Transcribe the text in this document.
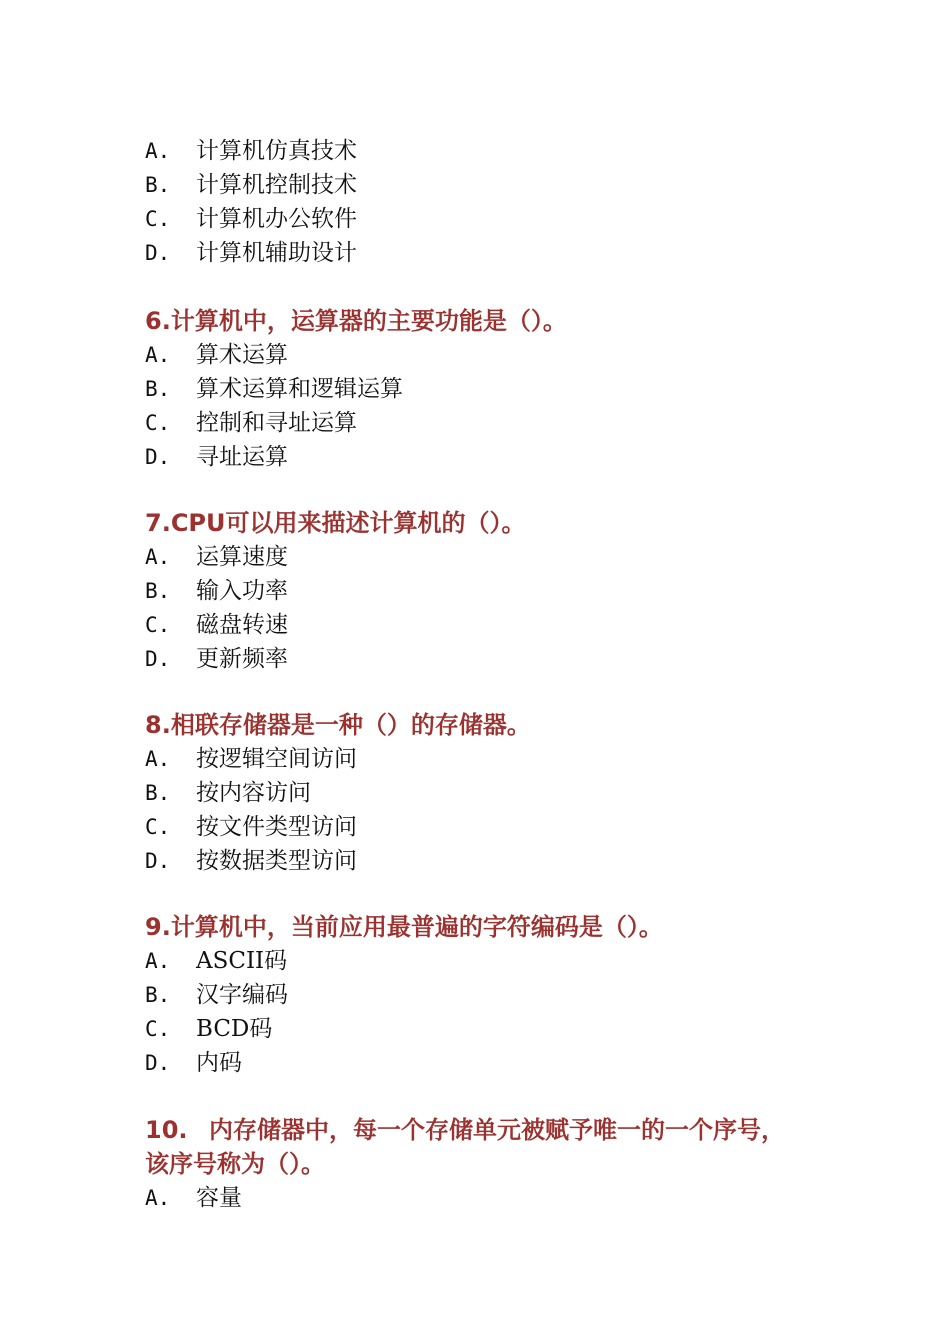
A. 计算机仿真技术
B. 计算机控制技术
C. 计算机办公软件
D. 计算机辅助设计
6.计算机中，运算器的主要功能是（）。
A. 算术运算
B. 算术运算和逻辑运算
C. 控制和寻址运算
D. 寻址运算
7.CPU可以用来描述计算机的（）。
A. 运算速度
B. 输入功率
C. 磁盘转速
D. 更新频率
8.相联存储器是一种（）的存储器。
A. 按逻辑空间访问
B. 按内容访问
C. 按文件类型访问
D. 按数据类型访问
9.计算机中，当前应用最普遍的字符编码是（）。
A. ASCII码
B. 汉字编码
C. BCD码
D. 内码
10. 内存储器中，每一个存储单元被赋予唯一的一个序号，
该序号称为（）。
A. 容量
